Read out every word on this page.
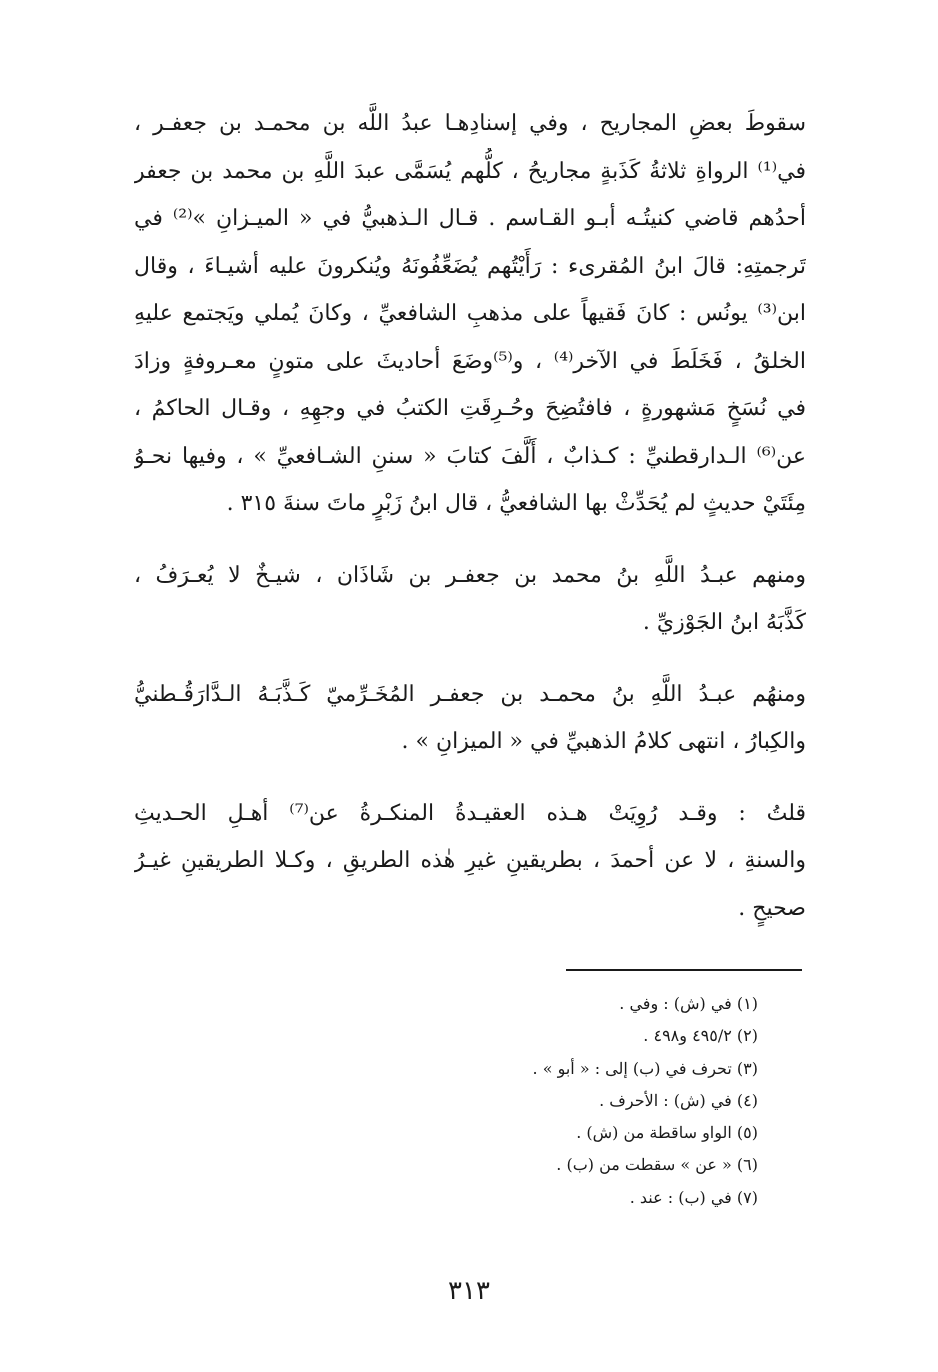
سقوطَ بعضِ المجاريح ، وفي إسنادِهـا عبدُ اللَّه بن محمـد بن جعفـر ،
في⁽¹⁾ الرواةِ ثلاثةُ كَذَبةٍ مجاريحُ ، كلُّهم يُسَمَّى عبدَ اللَّهِ بن محمد بن جعفر
أحدُهم قاضي كنيتُـه أبـو القـاسم . قـال الـذهبيُّ في « الميـزانِ »⁽²⁾ في
تَرجمتِهِ: قالَ ابنُ المُقرىء : رَأَيْتُهم يُضَعِّفُونَهُ ويُنكرونَ عليه أشيـاءَ ، وقال
ابن⁽³⁾ يونُس : كانَ فَقيهاً على مذهبِ الشافعيِّ ، وكانَ يُملي ويَجتمع عليهِ
الخلقُ ، فَخَلَطَ في الآخر⁽⁴⁾ ، و⁽⁵⁾وضَعَ أحاديثَ على متونٍ معـروفةٍ وزادَ
في نُسَخٍ مَشهورةٍ ، فافتُضِحَ وحُـرِقَتِ الكتبُ في وجهِهِ ، وقـال الحاكمُ ،
عن⁽⁶⁾ الـدارقطنيِّ : كـذابٌ ، أَلَّفَ كتابَ « سننِ الشـافعيِّ » ، وفيها نحـوُ
مِئَتَيْ حديثٍ لم يُحَدِّثْ بها الشافعيُّ ، قال ابنُ زَبْرٍ ماتَ سنةَ ٣١٥ .
ومنهم عبـدُ اللَّهِ بنُ محمد بن جعفـر بن شَاذَان ، شيـخٌ لا يُعـرَفُ ،
كَذَّبَهُ ابنُ الجَوْزيِّ .
ومنهُم عبـدُ اللَّهِ بنُ محمـد بن جعفـر المُخَـرِّميّ كَـذَّبَـهُ الـدَّارَقُـطنيُّ
والكِبارُ ، انتهى كلامُ الذهبيِّ في « الميزانِ » .
قلتُ : وقـد رُوِيَتْ هـذه العقيـدةُ المنكـرةُ عن⁽⁷⁾ أهـلِ الحـديثِ
والسنةِ ، لا عن أحمدَ ، بطريقينِ غيرِ هٰذه الطريقِ ، وكـلا الطريقينِ غيـرُ
صحيحٍ .
(١) في (ش) : وفي .
(٢) ٤٩٥/٢ و٤٩٨ .
(٣) تحرف في (ب) إلى : « أبو » .
(٤) في (ش) : الأحرف .
(٥) الواو ساقطة من (ش) .
(٦) « عن » سقطت من (ب) .
(٧) في (ب) : عند .
٣١٣
